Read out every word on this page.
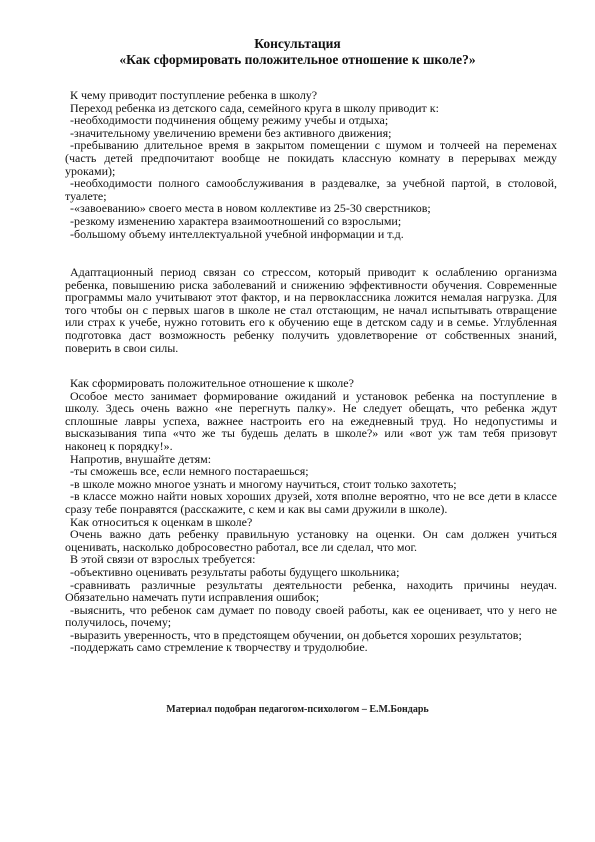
Консультация
«Как сформировать положительное отношение к школе?»

К чему приводит поступление ребенка в школу?

Переход ребенка из детского сада, семейного круга в школу приводит к:

-необходимости подчинения общему режиму учебы и отдыха;

-значительному увеличению времени без активного движения;

-пребыванию длительное время в закрытом помещении с шумом и толчеей на переменах (часть детей предпочитают вообще не покидать классную комнату в перерывах между уроками);

-необходимости полного самообслуживания в раздевалке, за учебной партой, в столовой, туалете;

-«завоеванию» своего места в новом коллективе из 25-30 сверстников;

-резкому изменению характера взаимоотношений со взрослыми;

-большому объему интеллектуальной учебной информации и т.д.

Адаптационный период связан со стрессом, который приводит к ослаблению организма ребенка, повышению риска заболеваний и снижению эффективности обучения. Современные программы мало учитывают этот фактор, и на первоклассника ложится немалая нагрузка. Для того чтобы он с первых шагов в школе не стал отстающим, не начал испытывать отвращение или страх к учебе, нужно готовить его к обучению еще в детском саду и в семье. Углубленная подготовка даст возможность ребенку получить удовлетворение от собственных знаний, поверить в свои силы.

Как сформировать положительное отношение к школе?

Особое место занимает формирование ожиданий и установок ребенка на поступление в школу. Здесь очень важно «не перегнуть палку». Не следует обещать, что ребенка ждут сплошные лавры успеха, важнее настроить его на ежедневный труд. Но недопустимы и высказывания типа «что же ты будешь делать в школе?» или «вот уж там тебя призовут наконец к порядку!».

Напротив, внушайте детям:

-ты сможешь все, если немного постараешься;

-в школе можно многое узнать и многому научиться, стоит только захотеть;

-в классе можно найти новых хороших друзей, хотя вполне вероятно, что не все дети в классе сразу тебе понравятся (расскажите, с кем и как вы сами дружили в школе).

Как относиться к оценкам в школе?

Очень важно дать ребенку правильную установку на оценки. Он сам должен учиться оценивать, насколько добросовестно работал, все ли сделал, что мог.

В этой связи от взрослых требуется:

-объективно оценивать результаты работы будущего школьника;

-сравнивать различные результаты деятельности ребенка, находить причины неудач. Обязательно намечать пути исправления ошибок;

-выяснить, что ребенок сам думает по поводу своей работы, как ее оценивает, что у него не получилось, почему;

-выразить уверенность, что в предстоящем обучении, он добьется хороших результатов;

-поддержать само стремление к творчеству и трудолюбие.

Материал подобран педагогом-психологом – Е.М.Бондарь
